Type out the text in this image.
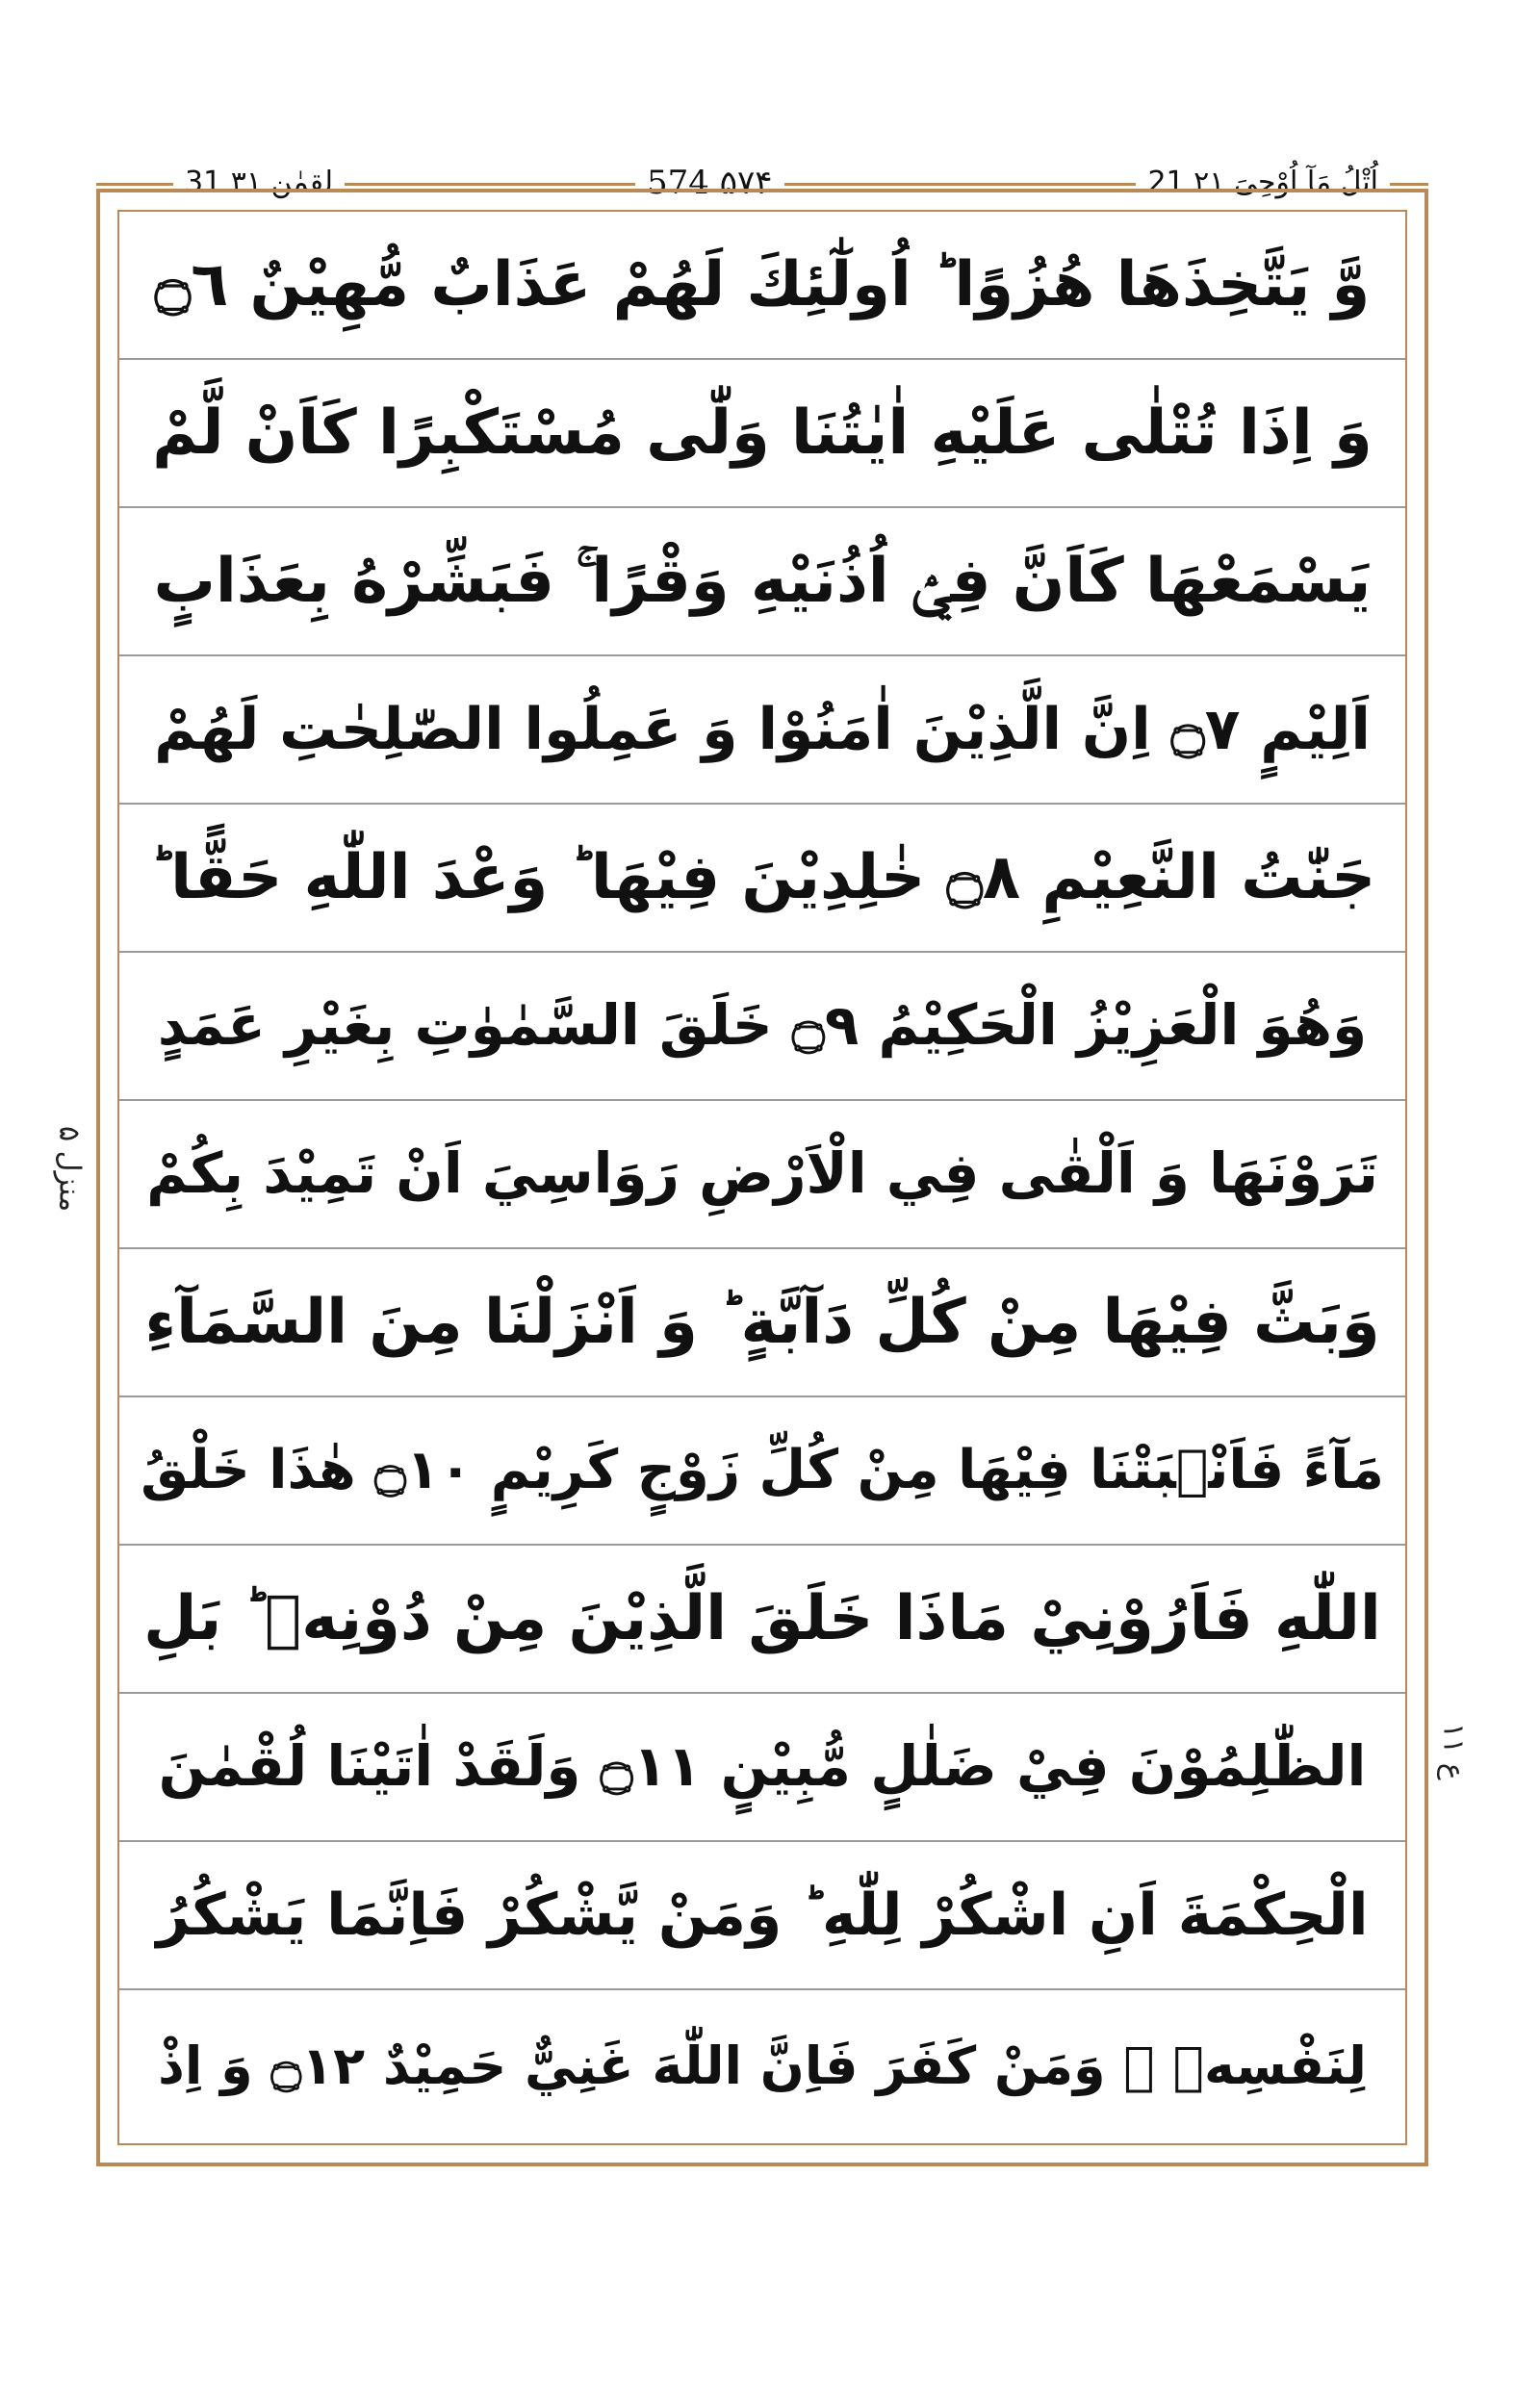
لقمٰن ٣١ 31	574 ۵۷۴	21 اُتْلُ مَآ اُوْحِیَ ۲۱
وَّ يَتَّخِذَهَا هُزُوًا ؕ اُولٰٓئِكَ لَهُمْ عَذَابٌ مُّهِيْنٌ ۝٦
وَ اِذَا تُتْلٰى عَلَيْهِ اٰيٰتُنَا وَلّٰى مُسْتَكْبِرًا كَاَنْ لَّمْ
يَسْمَعْهَا كَاَنَّ فِيْۤ اُذُنَيْهِ وَقْرًا ۚ فَبَشِّرْهُ بِعَذَابٍ
اَلِيْمٍ ۝٧ اِنَّ الَّذِيْنَ اٰمَنُوْا وَ عَمِلُوا الصّٰلِحٰتِ لَهُمْ
جَنّٰتُ النَّعِيْمِ ۝٨ خٰلِدِيْنَ فِيْهَا ؕ وَعْدَ اللّٰهِ حَقًّا ؕ
وَهُوَ الْعَزِيْزُ الْحَكِيْمُ ۝٩ خَلَقَ السَّمٰوٰتِ بِغَيْرِ عَمَدٍ
تَرَوْنَهَا وَ اَلْقٰى فِي الْاَرْضِ رَوَاسِيَ اَنْ تَمِيْدَ بِكُمْ
وَبَثَّ فِيْهَا مِنْ كُلِّ دَآبَّةٍ ؕ وَ اَنْزَلْنَا مِنَ السَّمَآءِ
مَآءً فَاَنْۢبَتْنَا فِيْهَا مِنْ كُلِّ زَوْجٍ كَرِيْمٍ ۝١٠ هٰذَا خَلْقُ
اللّٰهِ فَاَرُوْنِيْ مَاذَا خَلَقَ الَّذِيْنَ مِنْ دُوْنِهٖ ؕ بَلِ
الظّٰلِمُوْنَ فِيْ ضَلٰلٍ مُّبِيْنٍ ۝١١ وَلَقَدْ اٰتَيْنَا لُقْمٰنَ
الْحِكْمَةَ اَنِ اشْكُرْ لِلّٰهِ ؕ وَمَنْ يَّشْكُرْ فَاِنَّمَا يَشْكُرُ
لِنَفْسِهٖ ۚ وَمَنْ كَفَرَ فَاِنَّ اللّٰهَ غَنِيٌّ حَمِيْدٌ ۝١٢ وَ اِذْ
منزل ۵
ع ١١
